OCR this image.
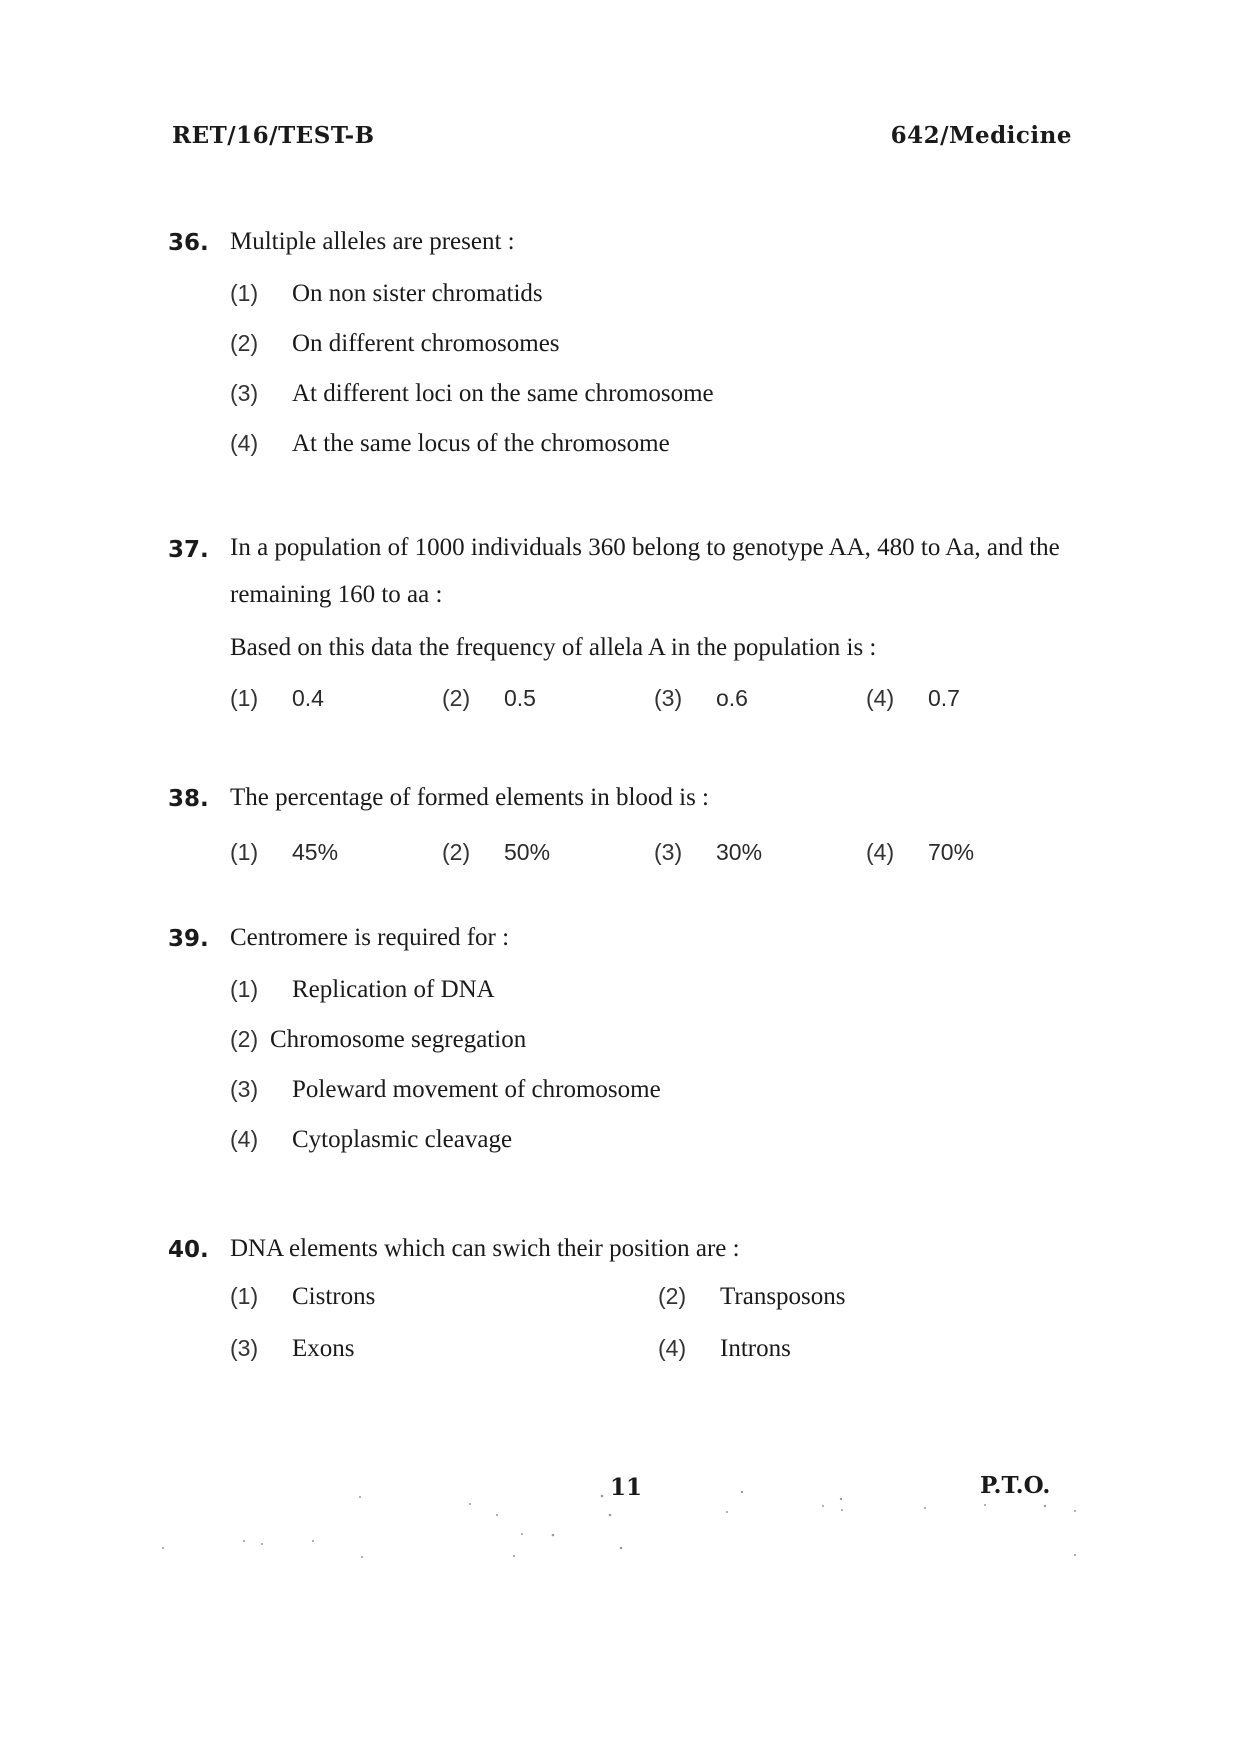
RET/16/TEST-B	642/Medicine
36. Multiple alleles are present :

(1)	On non sister chromatids
(2)	On different chromosomes
(3)	At different loci on the same chromosome
(4)	At the same locus of the chromosome
37. In a population of 1000 individuals 360 belong to genotype AA, 480 to Aa, and the remaining 160 to aa :

Based on this data the frequency of allela A in the population is :

(1)	0.4	(2)	0.5	(3)	o.6	(4)	0.7
38. The percentage of formed elements in blood is :

(1)	45%	(2)	50%	(3)	30%	(4)	70%
39. Centromere is required for :

(1)	Replication of DNA
(2) Chromosome segregation
(3)	Poleward movement of chromosome
(4)	Cytoplasmic cleavage
40. DNA elements which can swich their position are :

(1)	Cistrons	(2)	Transposons
(3)	Exons	(4)	Introns
11	P.T.O.
